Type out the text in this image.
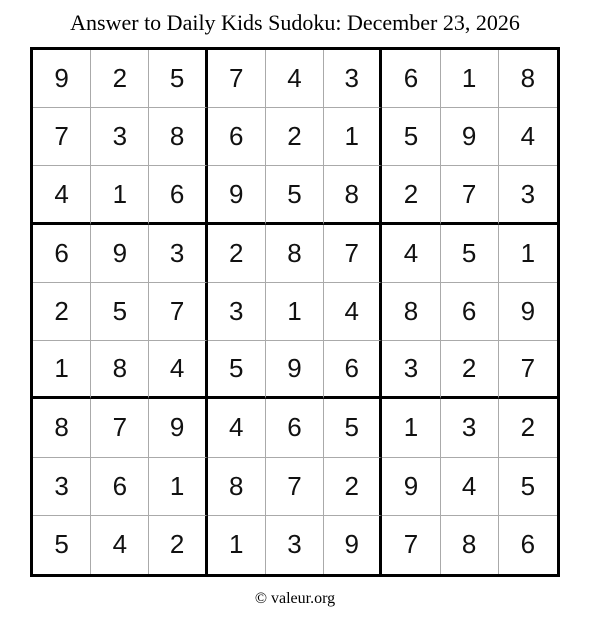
Answer to Daily Kids Sudoku: December 23, 2026
9	2	5	7	4	3	6	1	8
7	3	8	6	2	1	5	9	4
4	1	6	9	5	8	2	7	3
6	9	3	2	8	7	4	5	1
2	5	7	3	1	4	8	6	9
1	8	4	5	9	6	3	2	7
8	7	9	4	6	5	1	3	2
3	6	1	8	7	2	9	4	5
5	4	2	1	3	9	7	8	6
© valeur.org
